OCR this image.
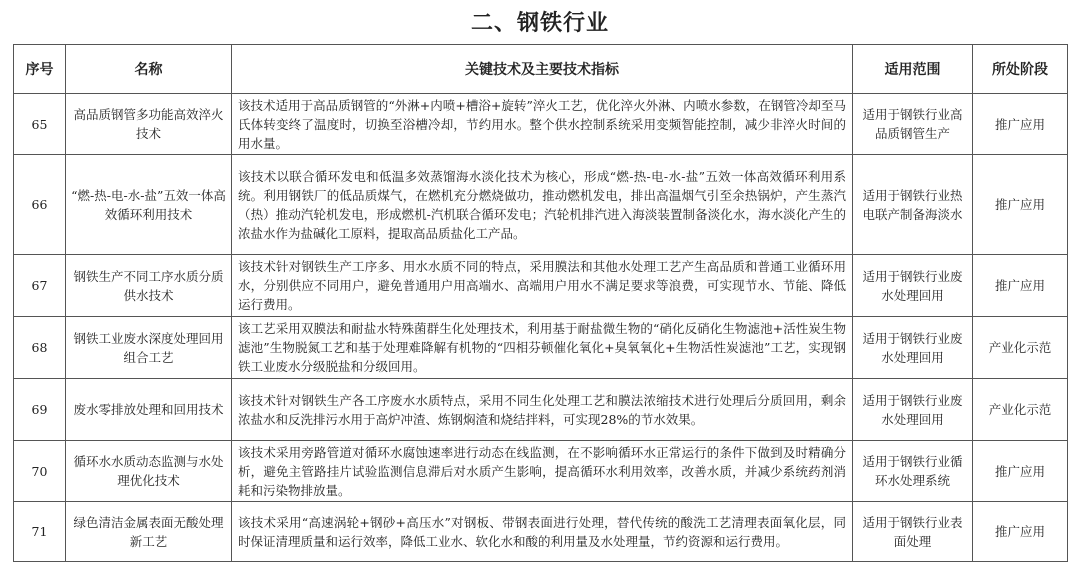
二、钢铁行业
序号	名称	关键技术及主要技术指标	适用范围	所处阶段
65	高品质钢管多功能高效淬火技术	该技术适用于高品质钢管的“外淋+内喷+槽浴+旋转”淬火工艺，优化淬火外淋、内喷水参数，在钢管冷却至马氏体转变终了温度时，切换至浴槽冷却，节约用水。整个供水控制系统采用变频智能控制，减少非淬火时间的用水量。	适用于钢铁行业高品质钢管生产	推广应用
66	“燃-热-电-水-盐”五效一体高效循环利用技术	该技术以联合循环发电和低温多效蒸馏海水淡化技术为核心，形成“燃-热-电-水-盐”五效一体高效循环利用系统。利用钢铁厂的低品质煤气，在燃机充分燃烧做功，推动燃机发电，排出高温烟气引至余热锅炉，产生蒸汽（热）推动汽轮机发电，形成燃机-汽机联合循环发电；汽轮机排汽进入海淡装置制备淡化水，海水淡化产生的浓盐水作为盐碱化工原料，提取高品质盐化工产品。	适用于钢铁行业热电联产制备海淡水	推广应用
67	钢铁生产不同工序水质分质供水技术	该技术针对钢铁生产工序多、用水水质不同的特点，采用膜法和其他水处理工艺产生高品质和普通工业循环用水，分别供应不同用户，避免普通用户用高端水、高端用户用水不满足要求等浪费，可实现节水、节能、降低运行费用。	适用于钢铁行业废水处理回用	推广应用
68	钢铁工业废水深度处理回用组合工艺	该工艺采用双膜法和耐盐水特殊菌群生化处理技术，利用基于耐盐微生物的“硝化反硝化生物滤池+活性炭生物滤池”生物脱氮工艺和基于处理难降解有机物的“四相芬顿催化氧化+臭氧氧化+生物活性炭滤池”工艺，实现钢铁工业废水分级脱盐和分级回用。	适用于钢铁行业废水处理回用	产业化示范
69	废水零排放处理和回用技术	该技术针对钢铁生产各工序废水水质特点，采用不同生化处理工艺和膜法浓缩技术进行处理后分质回用，剩余浓盐水和反洗排污水用于高炉冲渣、炼钢焖渣和烧结拌料，可实现28%的节水效果。	适用于钢铁行业废水处理回用	产业化示范
70	循环水水质动态监测与水处理优化技术	该技术采用旁路管道对循环水腐蚀速率进行动态在线监测，在不影响循环水正常运行的条件下做到及时精确分析，避免主管路挂片试验监测信息滞后对水质产生影响，提高循环水利用效率，改善水质，并减少系统药剂消耗和污染物排放量。	适用于钢铁行业循环水处理系统	推广应用
71	绿色清洁金属表面无酸处理新工艺	该技术采用“高速涡轮+钢砂+高压水”对钢板、带钢表面进行处理，替代传统的酸洗工艺清理表面氧化层，同时保证清理质量和运行效率，降低工业水、软化水和酸的利用量及水处理量，节约资源和运行费用。	适用于钢铁行业表面处理	推广应用
